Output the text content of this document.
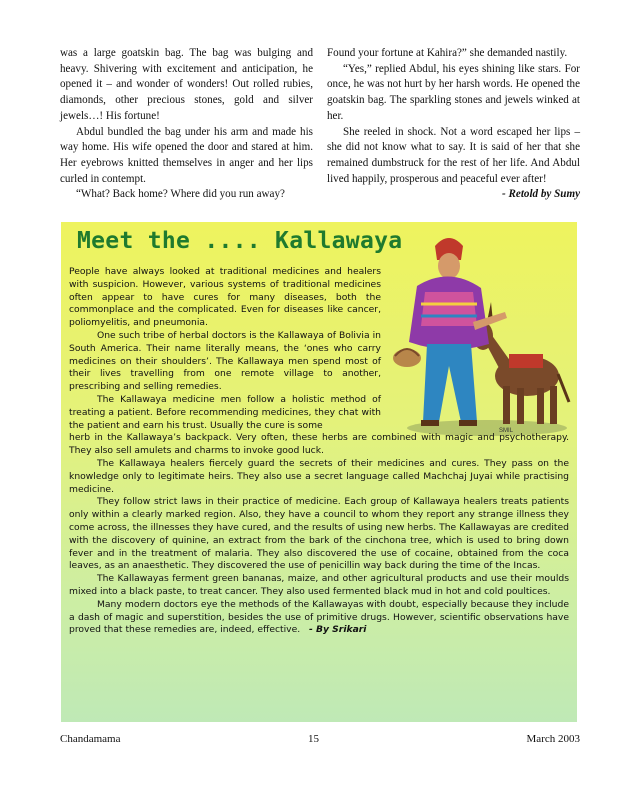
was a large goatskin bag. The bag was bulging and heavy. Shivering with excitement and anticipation, he opened it – and wonder of wonders! Out rolled rubies, diamonds, other precious stones, gold and silver jewels…! His fortune!

Abdul bundled the bag under his arm and made his way home. His wife opened the door and stared at him. Her eyebrows knitted themselves in anger and her lips curled in contempt.

“What? Back home? Where did you run away?

Found your fortune at Kahira?” she demanded nastily.

“Yes,” replied Abdul, his eyes shining like stars. For once, he was not hurt by her harsh words. He opened the goatskin bag. The sparkling stones and jewels winked at her.

She reeled in shock. Not a word escaped her lips – she did not know what to say. It is said of her that she remained dumbstruck for the rest of her life. And Abdul lived happily, prosperous and peaceful ever after!

- Retold by Sumy

Meet the .... Kallawaya
SMIL

People have always looked at traditional medicines and healers with suspicion. However, various systems of traditional medicines often appear to have cures for many diseases, both the commonplace and the complicated. Even for diseases like cancer, poliomyelitis, and pneumonia.

One such tribe of herbal doctors is the Kallawaya of Bolivia in South America. Their name literally means, the ‘ones who carry medicines on their shoulders’. The Kallawaya men spend most of their lives travelling from one remote village to another, prescribing and selling remedies.

The Kallawaya medicine men follow a holistic method of treating a patient. Before recommending medicines, they chat with the patient and earn his trust. Usually the cure is some

herb in the Kallawaya’s backpack. Very often, these herbs are combined with magic and psychotherapy. They also sell amulets and charms to invoke good luck.

The Kallawaya healers fiercely guard the secrets of their medicines and cures. They pass on the knowledge only to legitimate heirs. They also use a secret language called Machchaj Juyai while practising medicine.

They follow strict laws in their practice of medicine. Each group of Kallawaya healers treats patients only within a clearly marked region. Also, they have a council to whom they report any strange illness they come across, the illnesses they have cured, and the results of using new herbs. The Kallawayas are credited with the discovery of quinine, an extract from the bark of the cinchona tree, which is used to bring down fever and in the treatment of malaria. They also discovered the use of cocaine, obtained from the coca leaves, as an anaesthetic. They discovered the use of penicillin way back during the time of the Incas.

The Kallawayas ferment green bananas, maize, and other agricultural products and use their moulds mixed into a black paste, to treat cancer. They also used fermented black mud in hot and cold poultices.

Many modern doctors eye the methods of the Kallawayas with doubt, especially because they include a dash of magic and superstition, besides the use of primitive drugs. However, scientific observations have proved that these remedies are, indeed, effective. - By Srikari

Chandamama	15	March 2003
